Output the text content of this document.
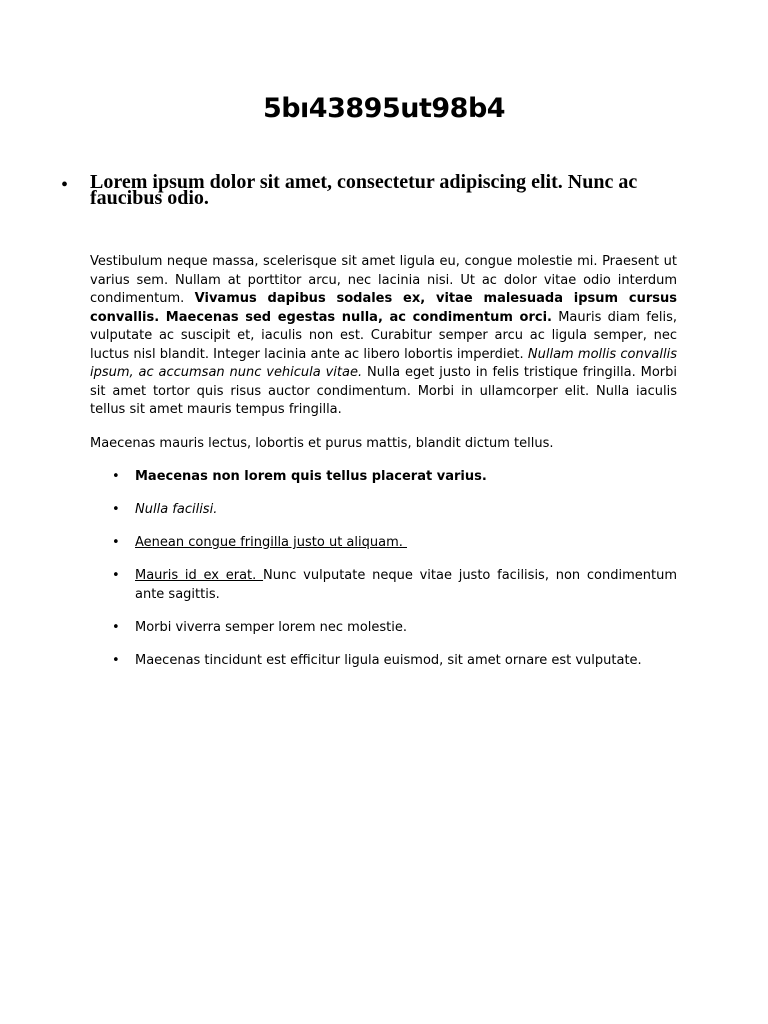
5bı43895ut98b4
• Lorem ipsum dolor sit amet, consectetur adipiscing elit. Nunc ac faucibus odio.

Vestibulum neque massa, scelerisque sit amet ligula eu, congue molestie mi. Praesent ut varius sem. Nullam at porttitor arcu, nec lacinia nisi. Ut ac dolor vitae odio interdum condimentum. Vivamus dapibus sodales ex, vitae malesuada ipsum cursus convallis. Maecenas sed egestas nulla, ac condimentum orci. Mauris diam felis, vulputate ac suscipit et, iaculis non est. Curabitur semper arcu ac ligula semper, nec luctus nisl blandit. Integer lacinia ante ac libero lobortis imperdiet. Nullam mollis convallis ipsum, ac accumsan nunc vehicula vitae. Nulla eget justo in felis tristique fringilla. Morbi sit amet tortor quis risus auctor condimentum. Morbi in ullamcorper elit. Nulla iaculis tellus sit amet mauris tempus fringilla.

Maecenas mauris lectus, lobortis et purus mattis, blandit dictum tellus.

• Maecenas non lorem quis tellus placerat varius.
• Nulla facilisi.
• Aenean congue fringilla justo ut aliquam.
• Mauris id ex erat. Nunc vulputate neque vitae justo facilisis, non condimentum ante sagittis.
• Morbi viverra semper lorem nec molestie.
• Maecenas tincidunt est efficitur ligula euismod, sit amet ornare est vulputate.
